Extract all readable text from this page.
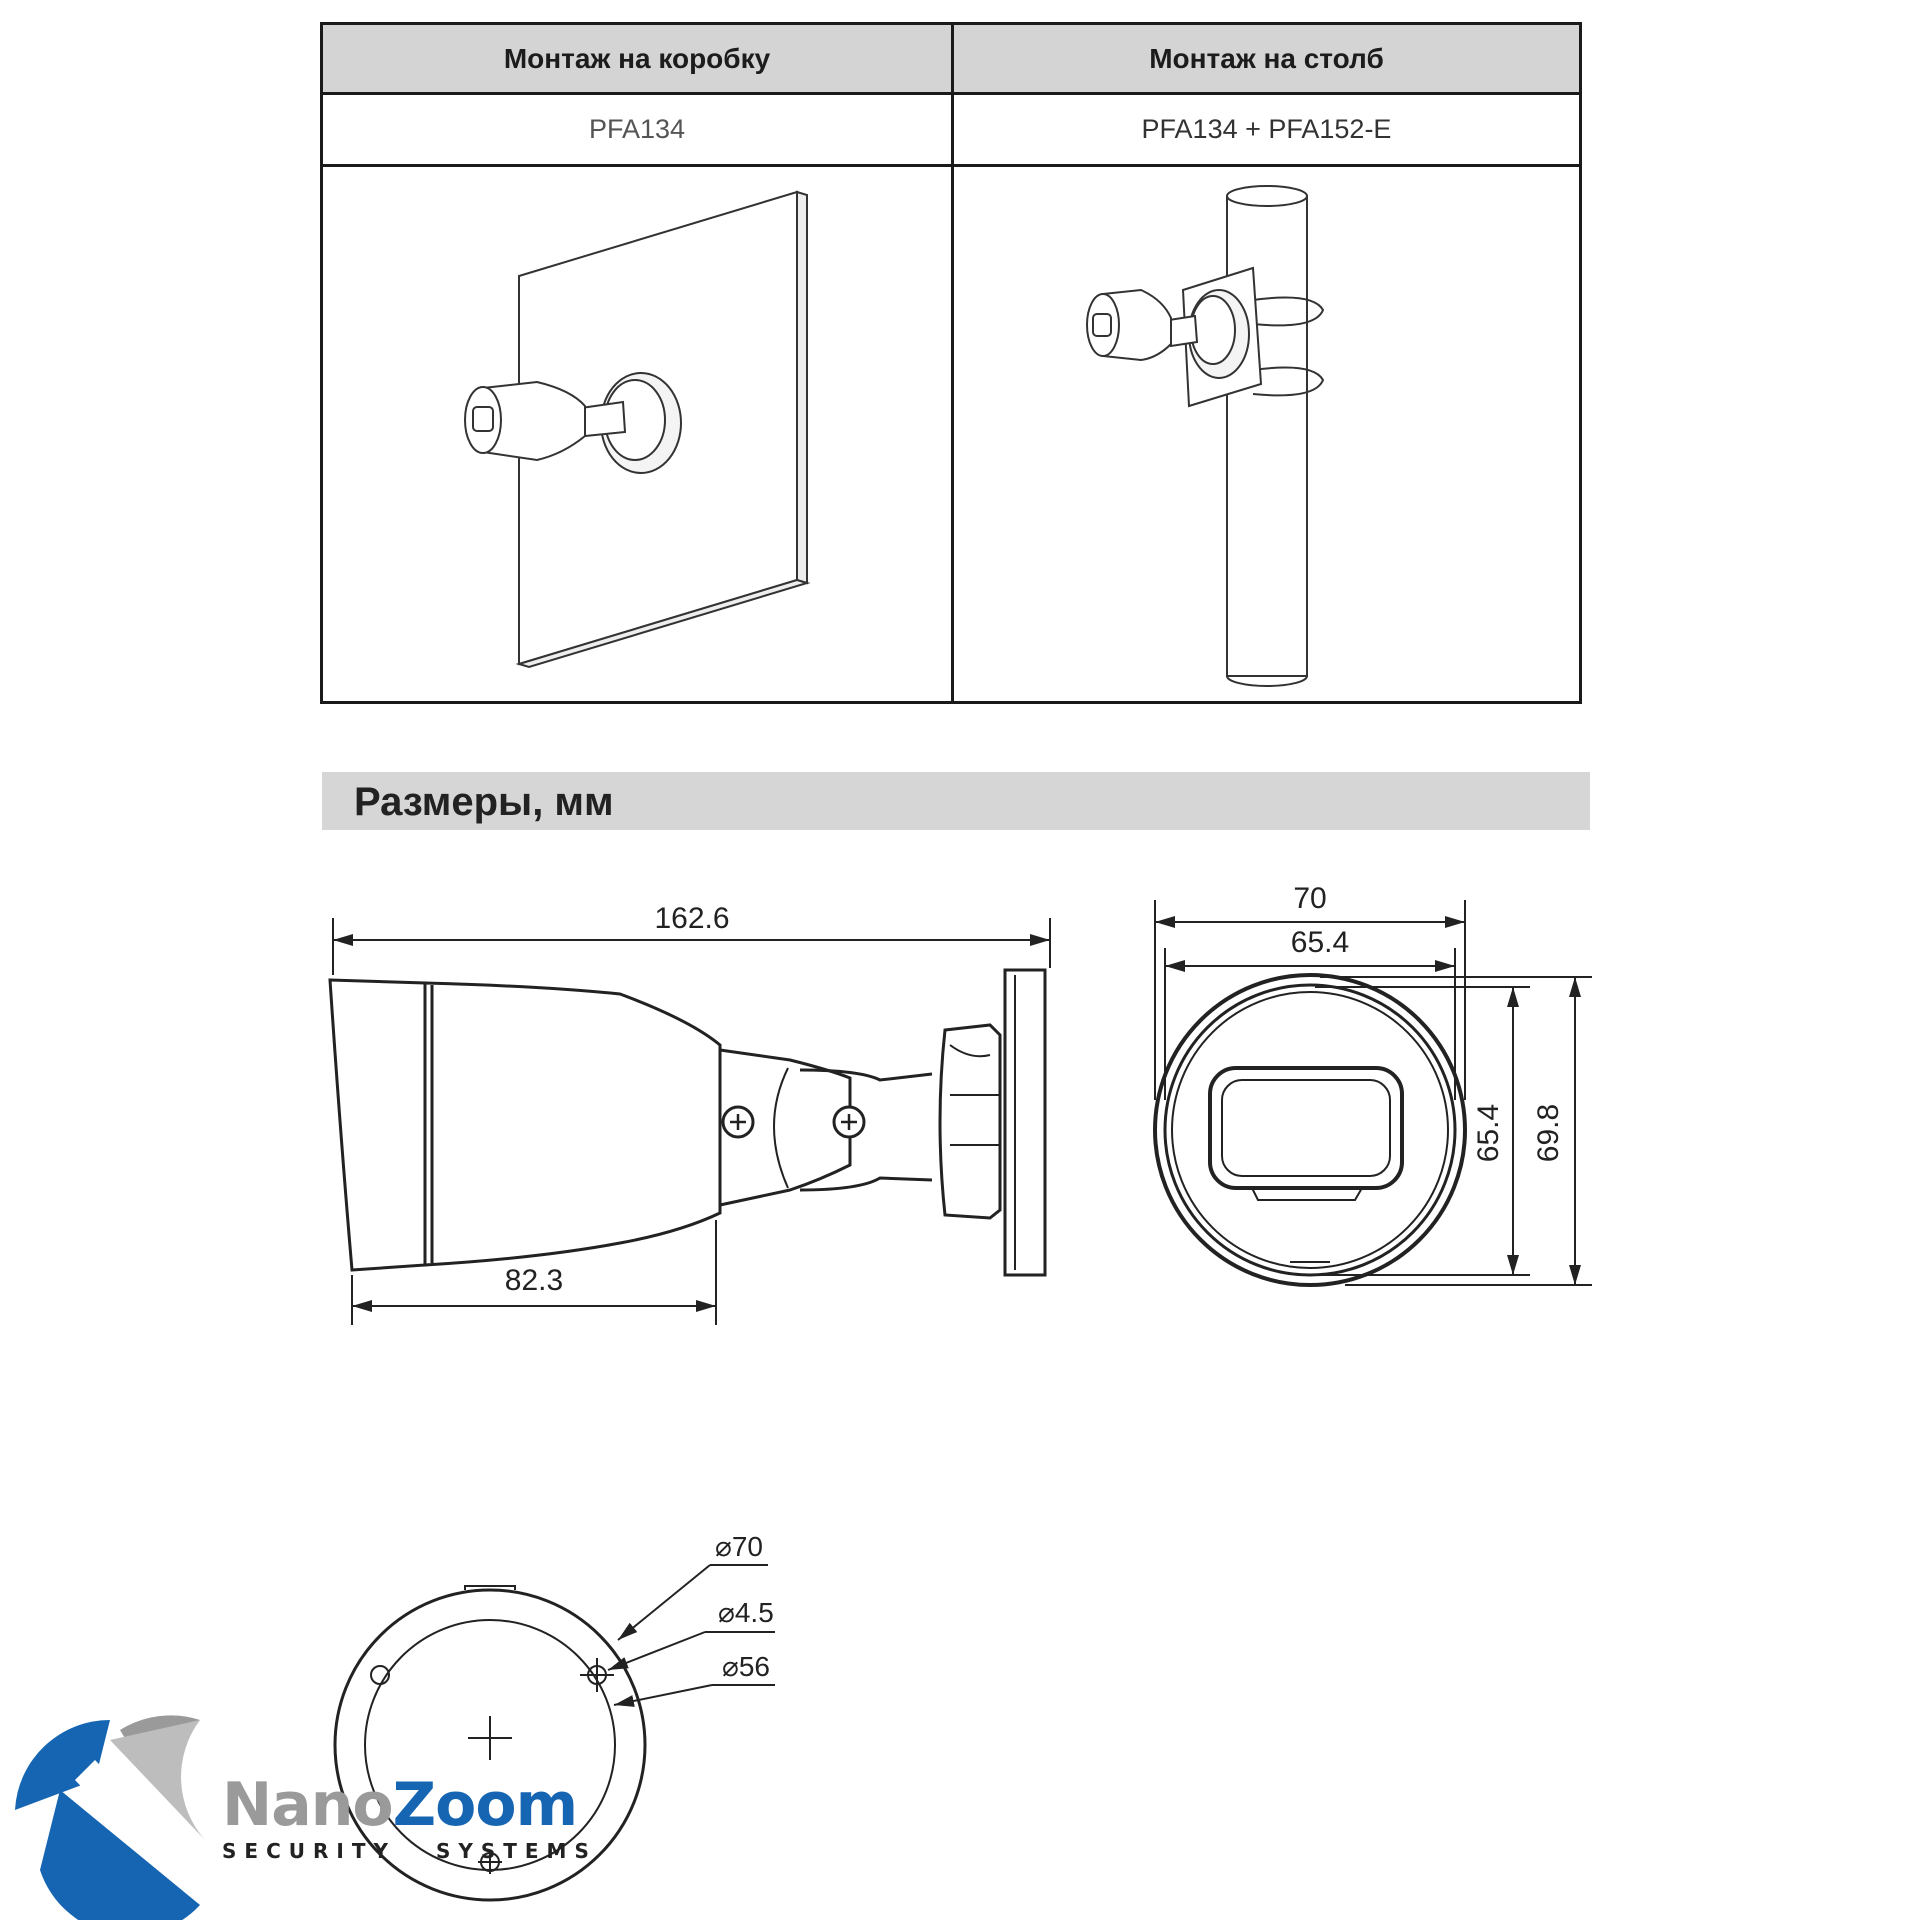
Монтаж на коробку	Монтаж на столб
PFA134	PFA134 + PFA152-E
Размеры, мм
162.6
82.3
70
65.4
65.4 69.8
⌀70
⌀4.5
⌀56
NanoZoom
SECURITY SYSTEMS
